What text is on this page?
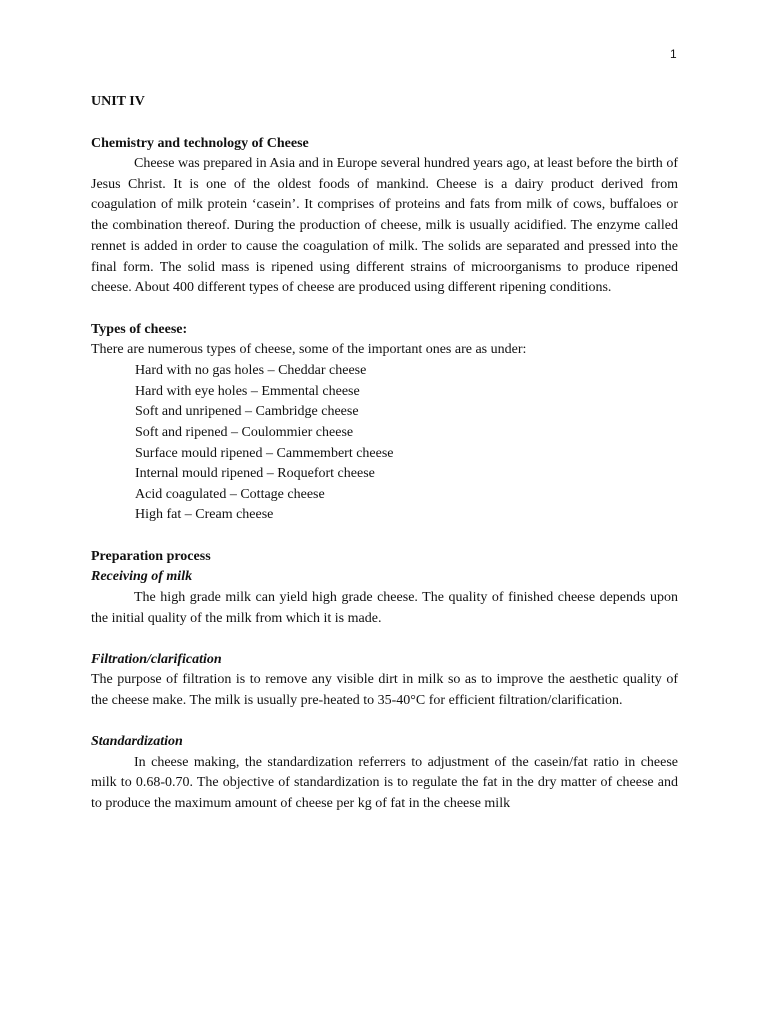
1
UNIT IV
Chemistry and technology of Cheese

Cheese was prepared in Asia and in Europe several hundred years ago, at least before the birth of Jesus Christ. It is one of the oldest foods of mankind. Cheese is a dairy product derived from coagulation of milk protein ‘casein’. It comprises of proteins and fats from milk of cows, buffaloes or the combination thereof. During the production of cheese, milk is usually acidified. The enzyme called rennet is added in order to cause the coagulation of milk. The solids are separated and pressed into the final form. The solid mass is ripened using different strains of microorganisms to produce ripened cheese. About 400 different types of cheese are produced using different ripening conditions.

Types of cheese:

There are numerous types of cheese, some of the important ones are as under:

Hard with no gas holes – Cheddar cheese
Hard with eye holes – Emmental cheese
Soft and unripened – Cambridge cheese
Soft and ripened – Coulommier cheese
Surface mould ripened – Cammembert cheese
Internal mould ripened – Roquefort cheese
Acid coagulated – Cottage cheese
High fat – Cream cheese
Preparation process
Receiving of milk

The high grade milk can yield high grade cheese. The quality of finished cheese depends upon the initial quality of the milk from which it is made.

Filtration/clarification

The purpose of filtration is to remove any visible dirt in milk so as to improve the aesthetic quality of the cheese make. The milk is usually pre-heated to 35-40°C for efficient filtration/clarification.

Standardization

In cheese making, the standardization referrers to adjustment of the casein/fat ratio in cheese milk to 0.68-0.70. The objective of standardization is to regulate the fat in the dry matter of cheese and to produce the maximum amount of cheese per kg of fat in the cheese milk
